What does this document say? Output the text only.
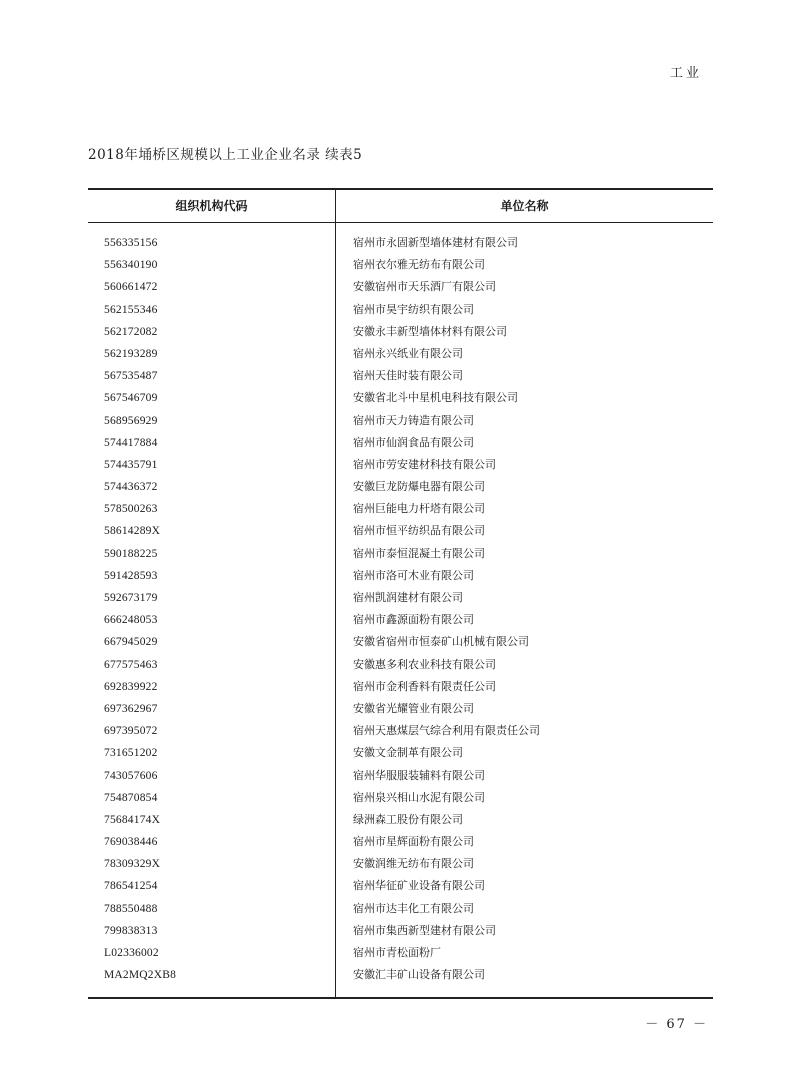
工业
2018年埇桥区规模以上工业企业名录 续表5
组织机构代码	单位名称
556335156	宿州市永固新型墙体建材有限公司
556340190	宿州衣尔雅无纺布有限公司
560661472	安徽宿州市天乐酒厂有限公司
562155346	宿州市昊宇纺织有限公司
562172082	安徽永丰新型墙体材料有限公司
562193289	宿州永兴纸业有限公司
567535487	宿州天佳时装有限公司
567546709	安徽省北斗中星机电科技有限公司
568956929	宿州市天力铸造有限公司
574417884	宿州市仙润食品有限公司
574435791	宿州市劳安建材科技有限公司
574436372	安徽巨龙防爆电器有限公司
578500263	宿州巨能电力杆塔有限公司
58614289X	宿州市恒平纺织品有限公司
590188225	宿州市泰恒混凝土有限公司
591428593	宿州市洛可木业有限公司
592673179	宿州凯润建材有限公司
666248053	宿州市鑫源面粉有限公司
667945029	安徽省宿州市恒泰矿山机械有限公司
677575463	安徽惠多利农业科技有限公司
692839922	宿州市金利香料有限责任公司
697362967	安徽省光耀管业有限公司
697395072	宿州天惠煤层气综合利用有限责任公司
731651202	安徽文金制革有限公司
743057606	宿州华服服装辅料有限公司
754870854	宿州泉兴相山水泥有限公司
75684174X	绿洲森工股份有限公司
769038446	宿州市星辉面粉有限公司
78309329X	安徽润维无纺布有限公司
786541254	宿州华征矿业设备有限公司
788550488	宿州市达丰化工有限公司
799838313	宿州市集西新型建材有限公司
L02336002	宿州市青松面粉厂
MA2MQ2XB8	安徽汇丰矿山设备有限公司
－ 67 －
